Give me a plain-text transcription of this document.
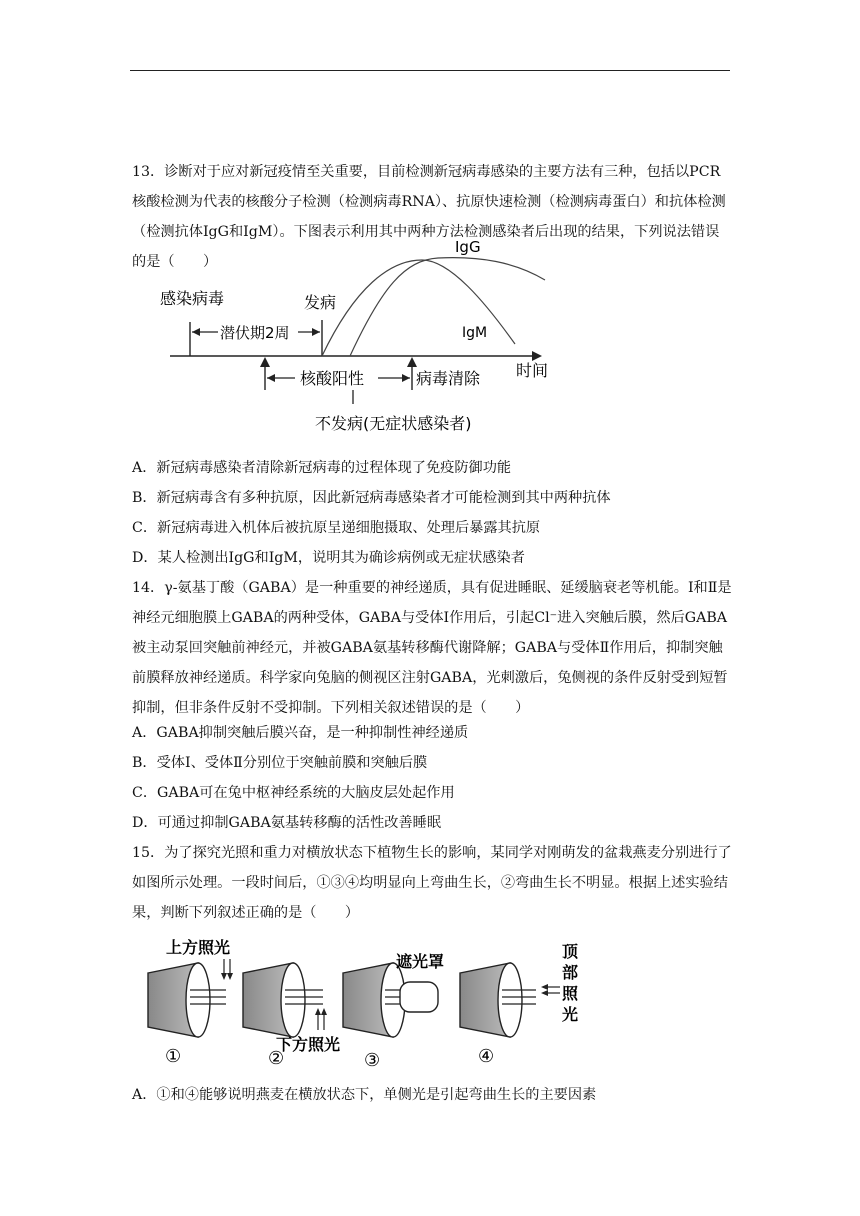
13．诊断对于应对新冠疫情至关重要，目前检测新冠病毒感染的主要方法有三种，包括以PCR核酸检测为代表的核酸分子检测（检测病毒RNA）、抗原快速检测（检测病毒蛋白）和抗体检测（检测抗体IgG和IgM）。下图表示利用其中两种方法检测感染者后出现的结果，下列说法错误的是（　　）

潜伏期2周
感染病毒	发病
IgG
IgM
时间
核酸阳性	病毒清除
不发病(无症状感染者)

A．新冠病毒感染者清除新冠病毒的过程体现了免疫防御功能

B．新冠病毒含有多种抗原，因此新冠病毒感染者才可能检测到其中两种抗体

C．新冠病毒进入机体后被抗原呈递细胞摄取、处理后暴露其抗原

D．某人检测出IgG和IgM，说明其为确诊病例或无症状感染者

14．γ-氨基丁酸（GABA）是一种重要的神经递质，具有促进睡眠、延缓脑衰老等机能。Ⅰ和Ⅱ是神经元细胞膜上GABA的两种受体，GABA与受体Ⅰ作用后，引起Cl⁻进入突触后膜，然后GABA被主动泵回突触前神经元，并被GABA氨基转移酶代谢降解；GABA与受体Ⅱ作用后，抑制突触前膜释放神经递质。科学家向兔脑的侧视区注射GABA，光刺激后，兔侧视的条件反射受到短暂抑制，但非条件反射不受抑制。下列相关叙述错误的是（　　）

A．GABA抑制突触后膜兴奋，是一种抑制性神经递质

B．受体Ⅰ、受体Ⅱ分别位于突触前膜和突触后膜

C．GABA可在兔中枢神经系统的大脑皮层处起作用

D．可通过抑制GABA氨基转移酶的活性改善睡眠

15．为了探究光照和重力对横放状态下植物生长的影响，某同学对刚萌发的盆栽燕麦分别进行了如图所示处理。一段时间后，①③④均明显向上弯曲生长，②弯曲生长不明显。根据上述实验结果，判断下列叙述正确的是（　　）

上方照光
下方照光
遮光罩
顶
部
照
光
①	②	③	④

A．①和④能够说明燕麦在横放状态下，单侧光是引起弯曲生长的主要因素
